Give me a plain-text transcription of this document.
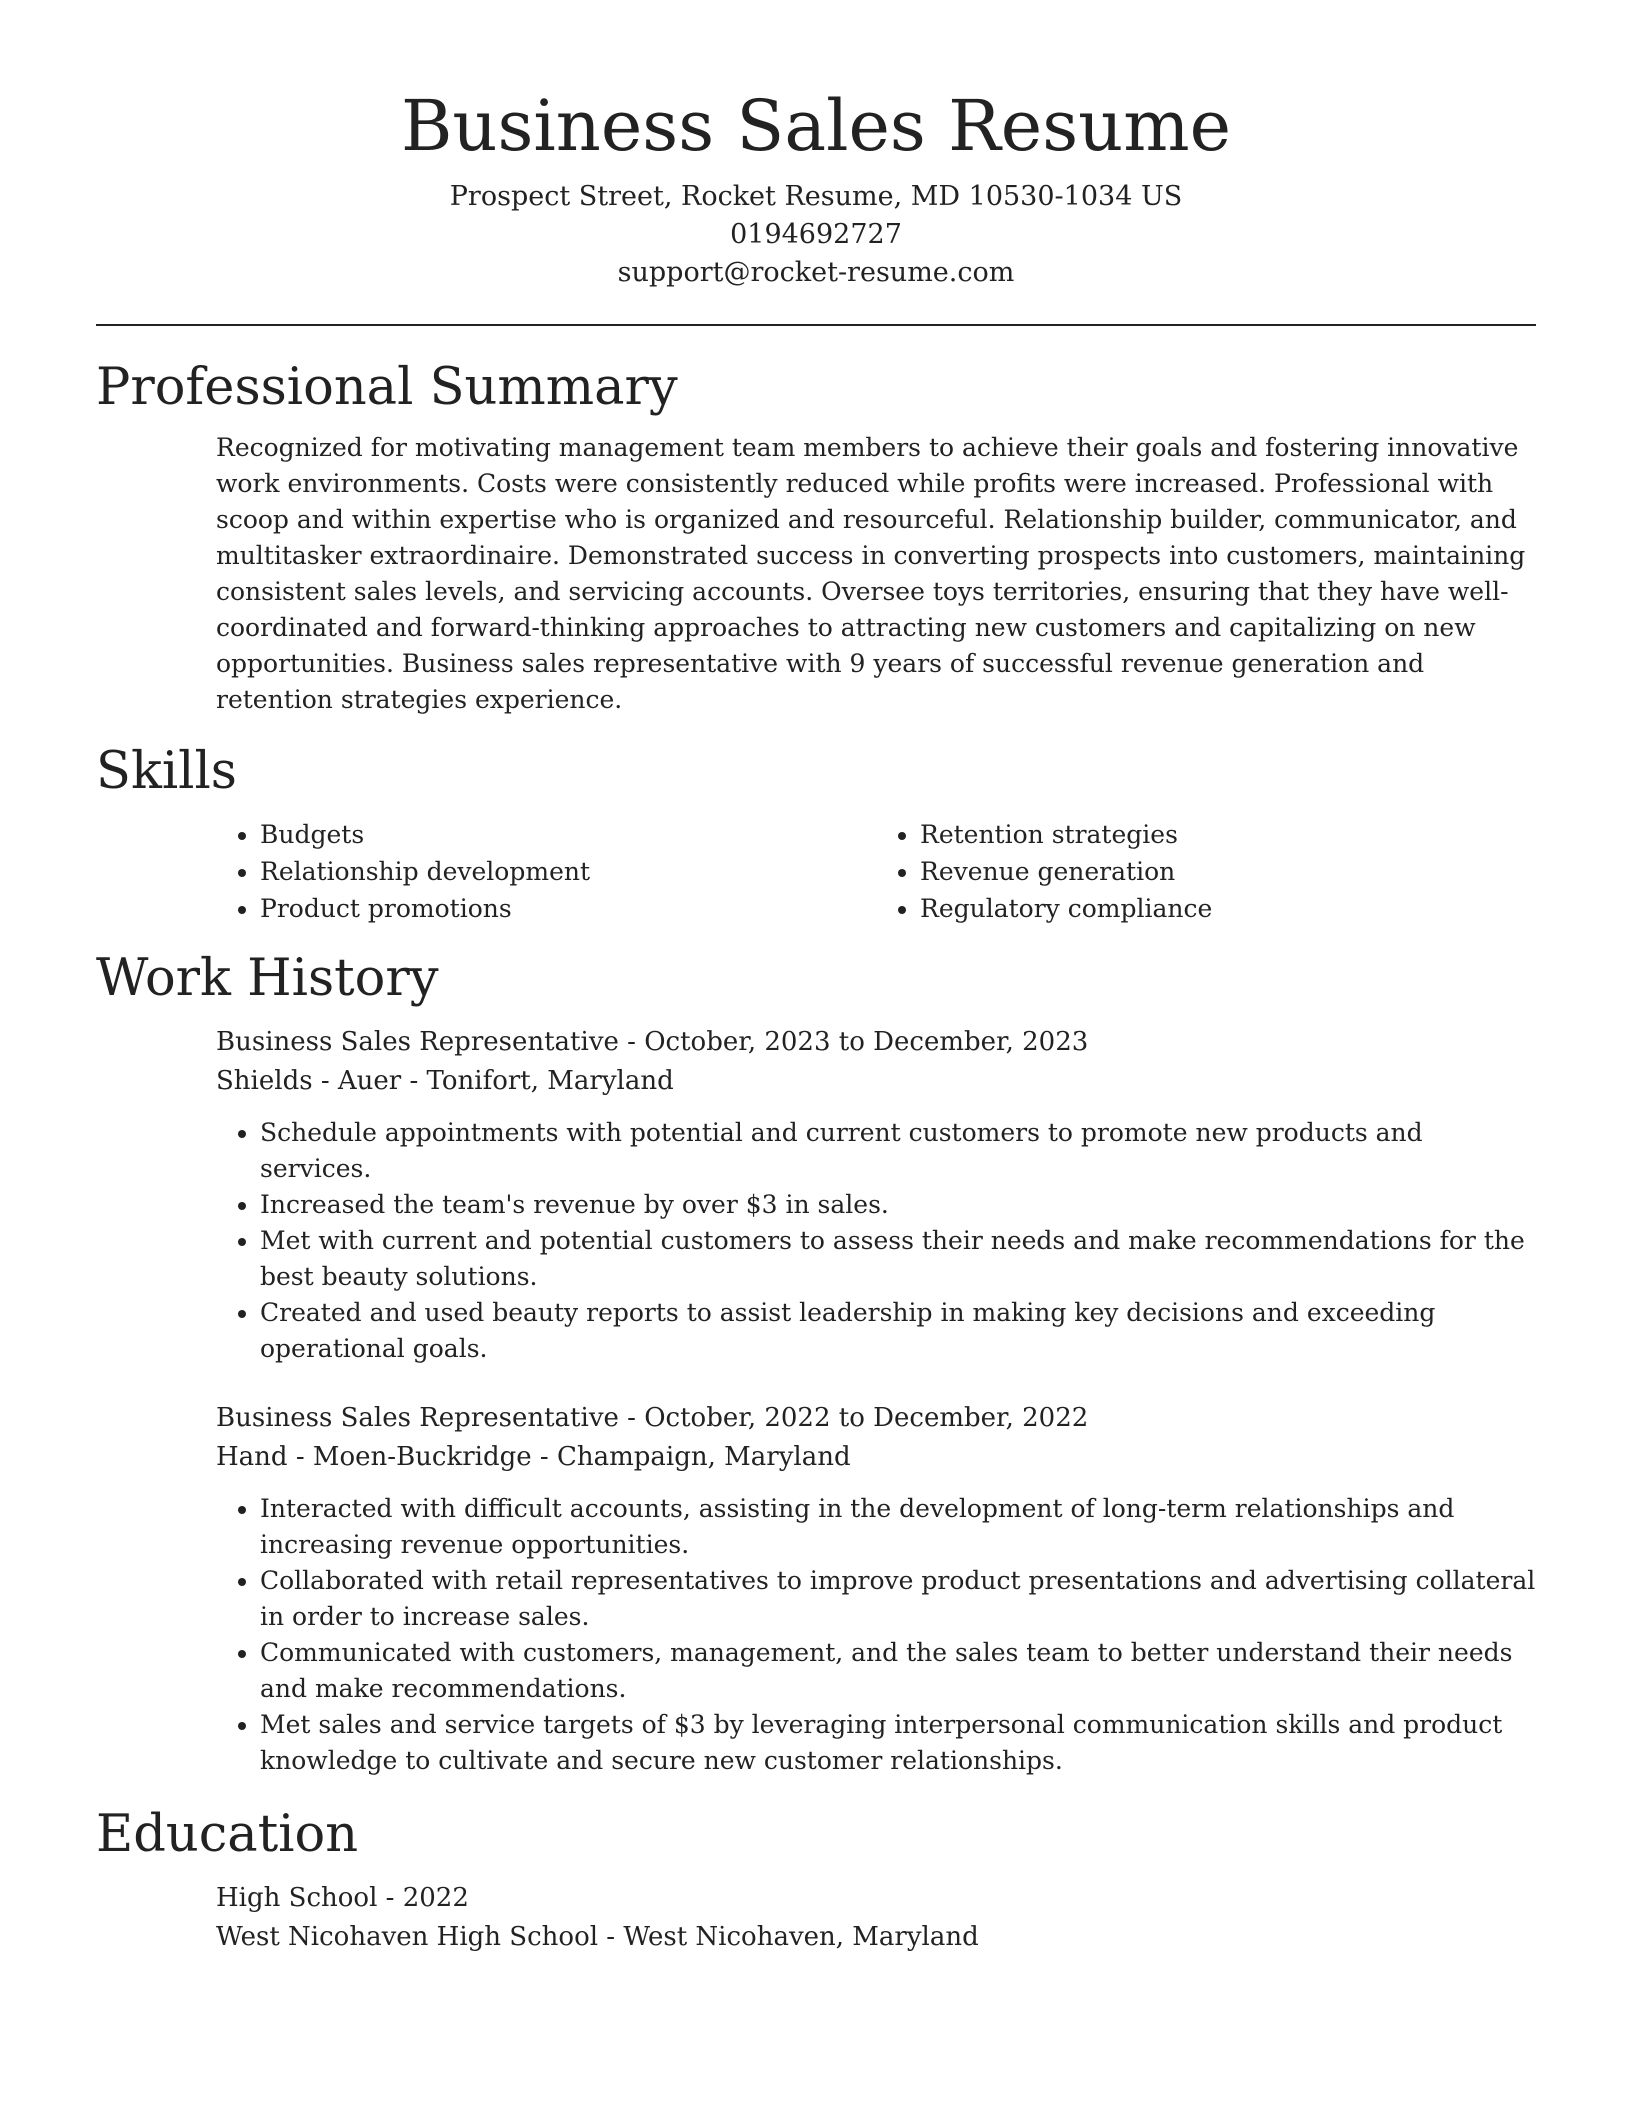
Business Sales Resume
Prospect Street, Rocket Resume, MD 10530-1034 US
0194692727
support@rocket-resume.com
Professional Summary
Recognized for motivating management team members to achieve their goals and fostering innovative work environments. Costs were consistently reduced while profits were increased. Professional with scoop and within expertise who is organized and resourceful. Relationship builder, communicator, and multitasker extraordinaire. Demonstrated success in converting prospects into customers, maintaining consistent sales levels, and servicing accounts. Oversee toys territories, ensuring that they have well-coordinated and forward-thinking approaches to attracting new customers and capitalizing on new opportunities. Business sales representative with 9 years of successful revenue generation and retention strategies experience.
Skills
• Budgets
• Relationship development
• Product promotions
• Retention strategies
• Revenue generation
• Regulatory compliance
Work History
Business Sales Representative - October, 2023 to December, 2023
Shields - Auer - Tonifort, Maryland
• Schedule appointments with potential and current customers to promote new products and services.
• Increased the team's revenue by over $3 in sales.
• Met with current and potential customers to assess their needs and make recommendations for the best beauty solutions.
• Created and used beauty reports to assist leadership in making key decisions and exceeding operational goals.
Business Sales Representative - October, 2022 to December, 2022
Hand - Moen-Buckridge - Champaign, Maryland
• Interacted with difficult accounts, assisting in the development of long-term relationships and increasing revenue opportunities.
• Collaborated with retail representatives to improve product presentations and advertising collateral in order to increase sales.
• Communicated with customers, management, and the sales team to better understand their needs and make recommendations.
• Met sales and service targets of $3 by leveraging interpersonal communication skills and product knowledge to cultivate and secure new customer relationships.
Education
High School - 2022
West Nicohaven High School - West Nicohaven, Maryland
